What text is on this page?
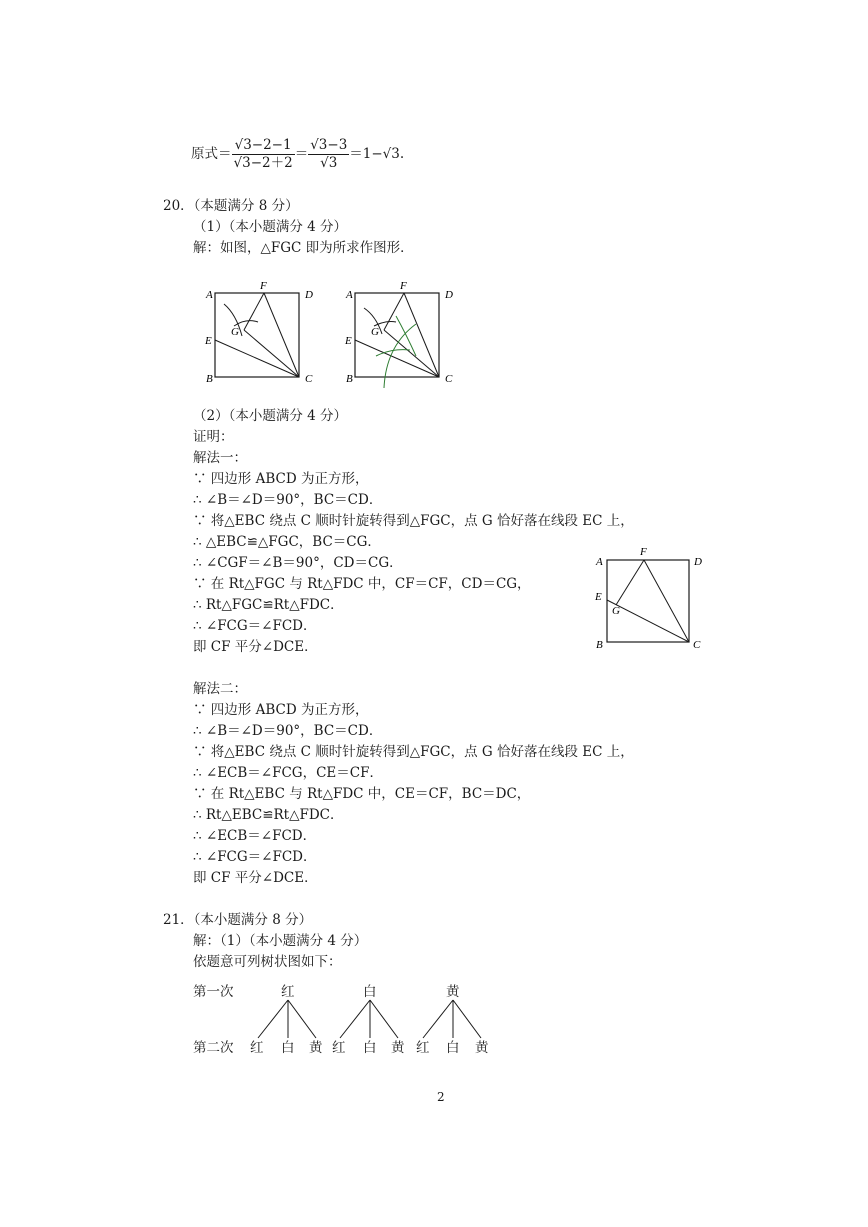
原式＝ $\frac{√3-2-1}{√3-2+2} = \frac{√3-3}{√3} =1-√3$.
20．（本题满分 8 分）
（1）（本小题满分 4 分）
解：如图，△FGC 即为所求作图形．
A
F
D
E
G
B	C
A
F
D
E
G
B	C
（2）（本小题满分 4 分）
证明：
解法一：
∵ 四边形 ABCD 为正方形，
∴ ∠B＝∠D＝90°，BC＝CD．
∵ 将△EBC 绕点 C 顺时针旋转得到△FGC，点 G 恰好落在线段 EC 上，
∴ △EBC≌△FGC，BC＝CG．
∴ ∠CGF＝∠B＝90°，CD＝CG．
∵ 在 Rt△FGC 与 Rt△FDC 中，CF＝CF，CD＝CG，
∴ Rt△FGC≌Rt△FDC．
∴ ∠FCG＝∠FCD．
即 CF 平分∠DCE．
A
F
D
E
G
B	C
解法二：
∵ 四边形 ABCD 为正方形，
∴ ∠B＝∠D＝90°，BC＝CD．
∵ 将△EBC 绕点 C 顺时针旋转得到△FGC，点 G 恰好落在线段 EC 上，
∴ ∠ECB＝∠FCG，CE＝CF．
∵ 在 Rt△EBC 与 Rt△FDC 中，CE＝CF，BC＝DC，
∴ Rt△EBC≌Rt△FDC．
∴ ∠ECB＝∠FCD．
∴ ∠FCG＝∠FCD．
即 CF 平分∠DCE．
21．（本小题满分 8 分）
解：（1）（本小题满分 4 分）
依题意可列树状图如下：
第一次
第二次
红	白	黄
红 白 黄 红 白 黄 红 白 黄
2
